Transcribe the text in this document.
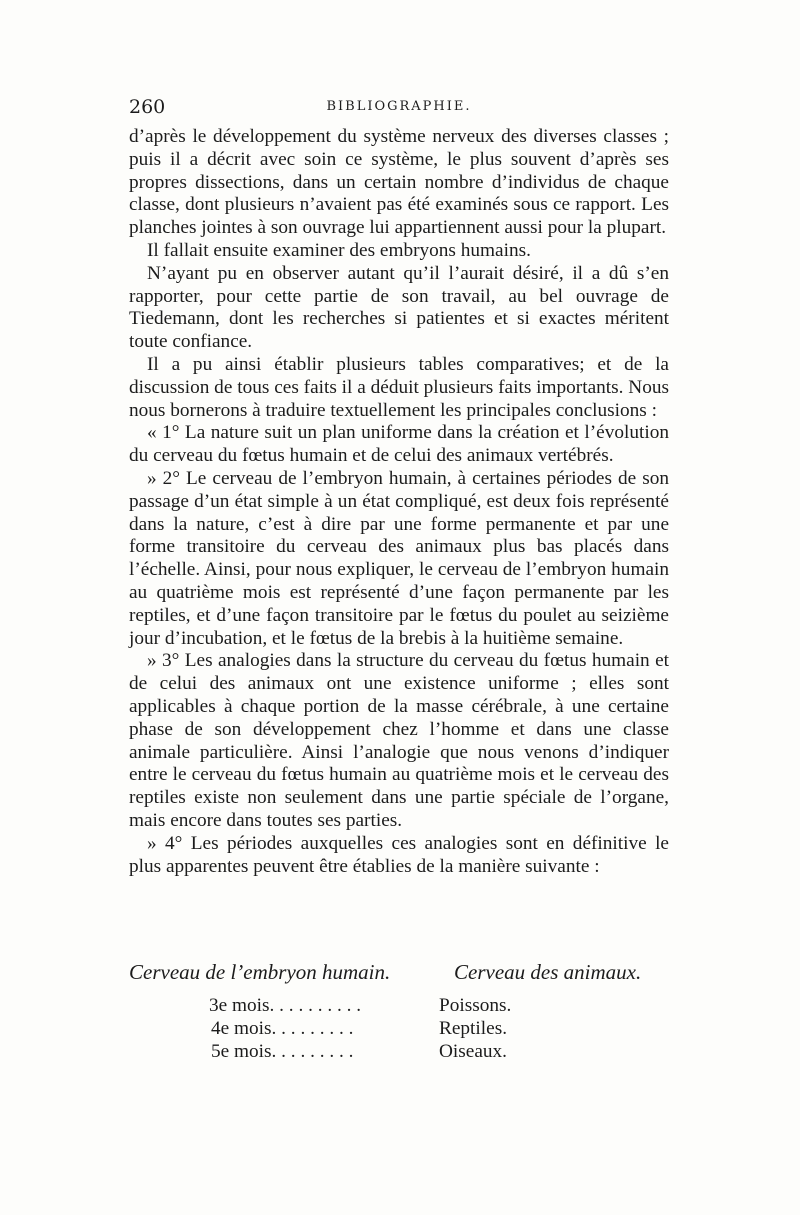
260	BIBLIOGRAPHIE.

d’après le développement du système nerveux des diverses classes ; puis il a décrit avec soin ce système, le plus souvent d’après ses propres dissections, dans un certain nombre d’individus de chaque classe, dont plusieurs n’avaient pas été examinés sous ce rapport. Les planches jointes à son ouvrage lui appartiennent aussi pour la plupart.

Il fallait ensuite examiner des embryons humains.

N’ayant pu en observer autant qu’il l’aurait désiré, il a dû s’en rapporter, pour cette partie de son travail, au bel ouvrage de Tiedemann, dont les recherches si patientes et si exactes méritent toute confiance.

Il a pu ainsi établir plusieurs tables comparatives; et de la discussion de tous ces faits il a déduit plusieurs faits importants. Nous nous bornerons à traduire textuellement les principales conclusions :

« 1° La nature suit un plan uniforme dans la création et l’évolution du cerveau du fœtus humain et de celui des animaux vertébrés.

» 2° Le cerveau de l’embryon humain, à certaines périodes de son passage d’un état simple à un état compliqué, est deux fois représenté dans la nature, c’est à dire par une forme permanente et par une forme transitoire du cerveau des animaux plus bas placés dans l’échelle. Ainsi, pour nous expliquer, le cerveau de l’embryon humain au quatrième mois est représenté d’une façon permanente par les reptiles, et d’une façon transitoire par le fœtus du poulet au seizième jour d’incubation, et le fœtus de la brebis à la huitième semaine.

» 3° Les analogies dans la structure du cerveau du fœtus humain et de celui des animaux ont une existence uniforme ; elles sont applicables à chaque portion de la masse cérébrale, à une certaine phase de son développement chez l’homme et dans une classe animale particulière. Ainsi l’analogie que nous venons d’indiquer entre le cerveau du fœtus humain au quatrième mois et le cerveau des reptiles existe non seulement dans une partie spéciale de l’organe, mais encore dans toutes ses parties.

» 4° Les périodes auxquelles ces analogies sont en définitive le plus apparentes peuvent être établies de la manière suivante :

Cerveau de l’embryon humain.	Cerveau des animaux.
3e mois. . . . . . . . . .	Poissons.
4e mois. . . . . . . . .	Reptiles.
5e mois. . . . . . . . .	Oiseaux.
